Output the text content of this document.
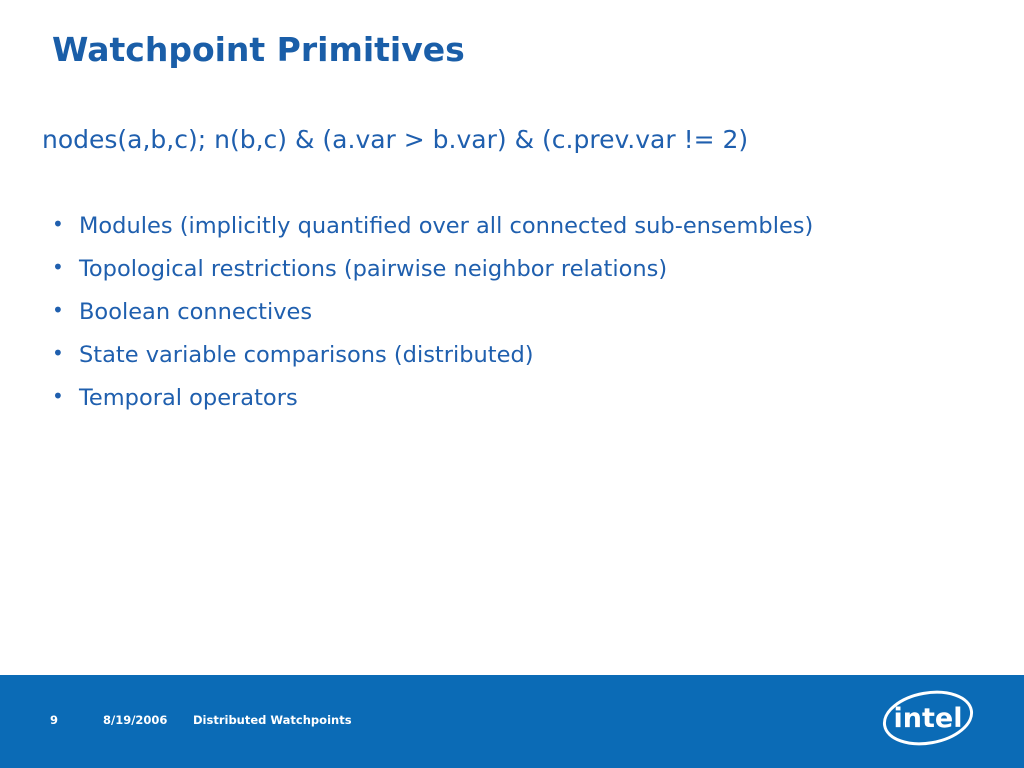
Watchpoint Primitives
nodes(a,b,c); n(b,c) & (a.var > b.var) & (c.prev.var != 2)
• Modules (implicitly quantified over all connected sub-ensembles)
• Topological restrictions (pairwise neighbor relations)
• Boolean connectives
• State variable comparisons (distributed)
• Temporal operators
9	8/19/2006 Distributed Watchpoints	intel
